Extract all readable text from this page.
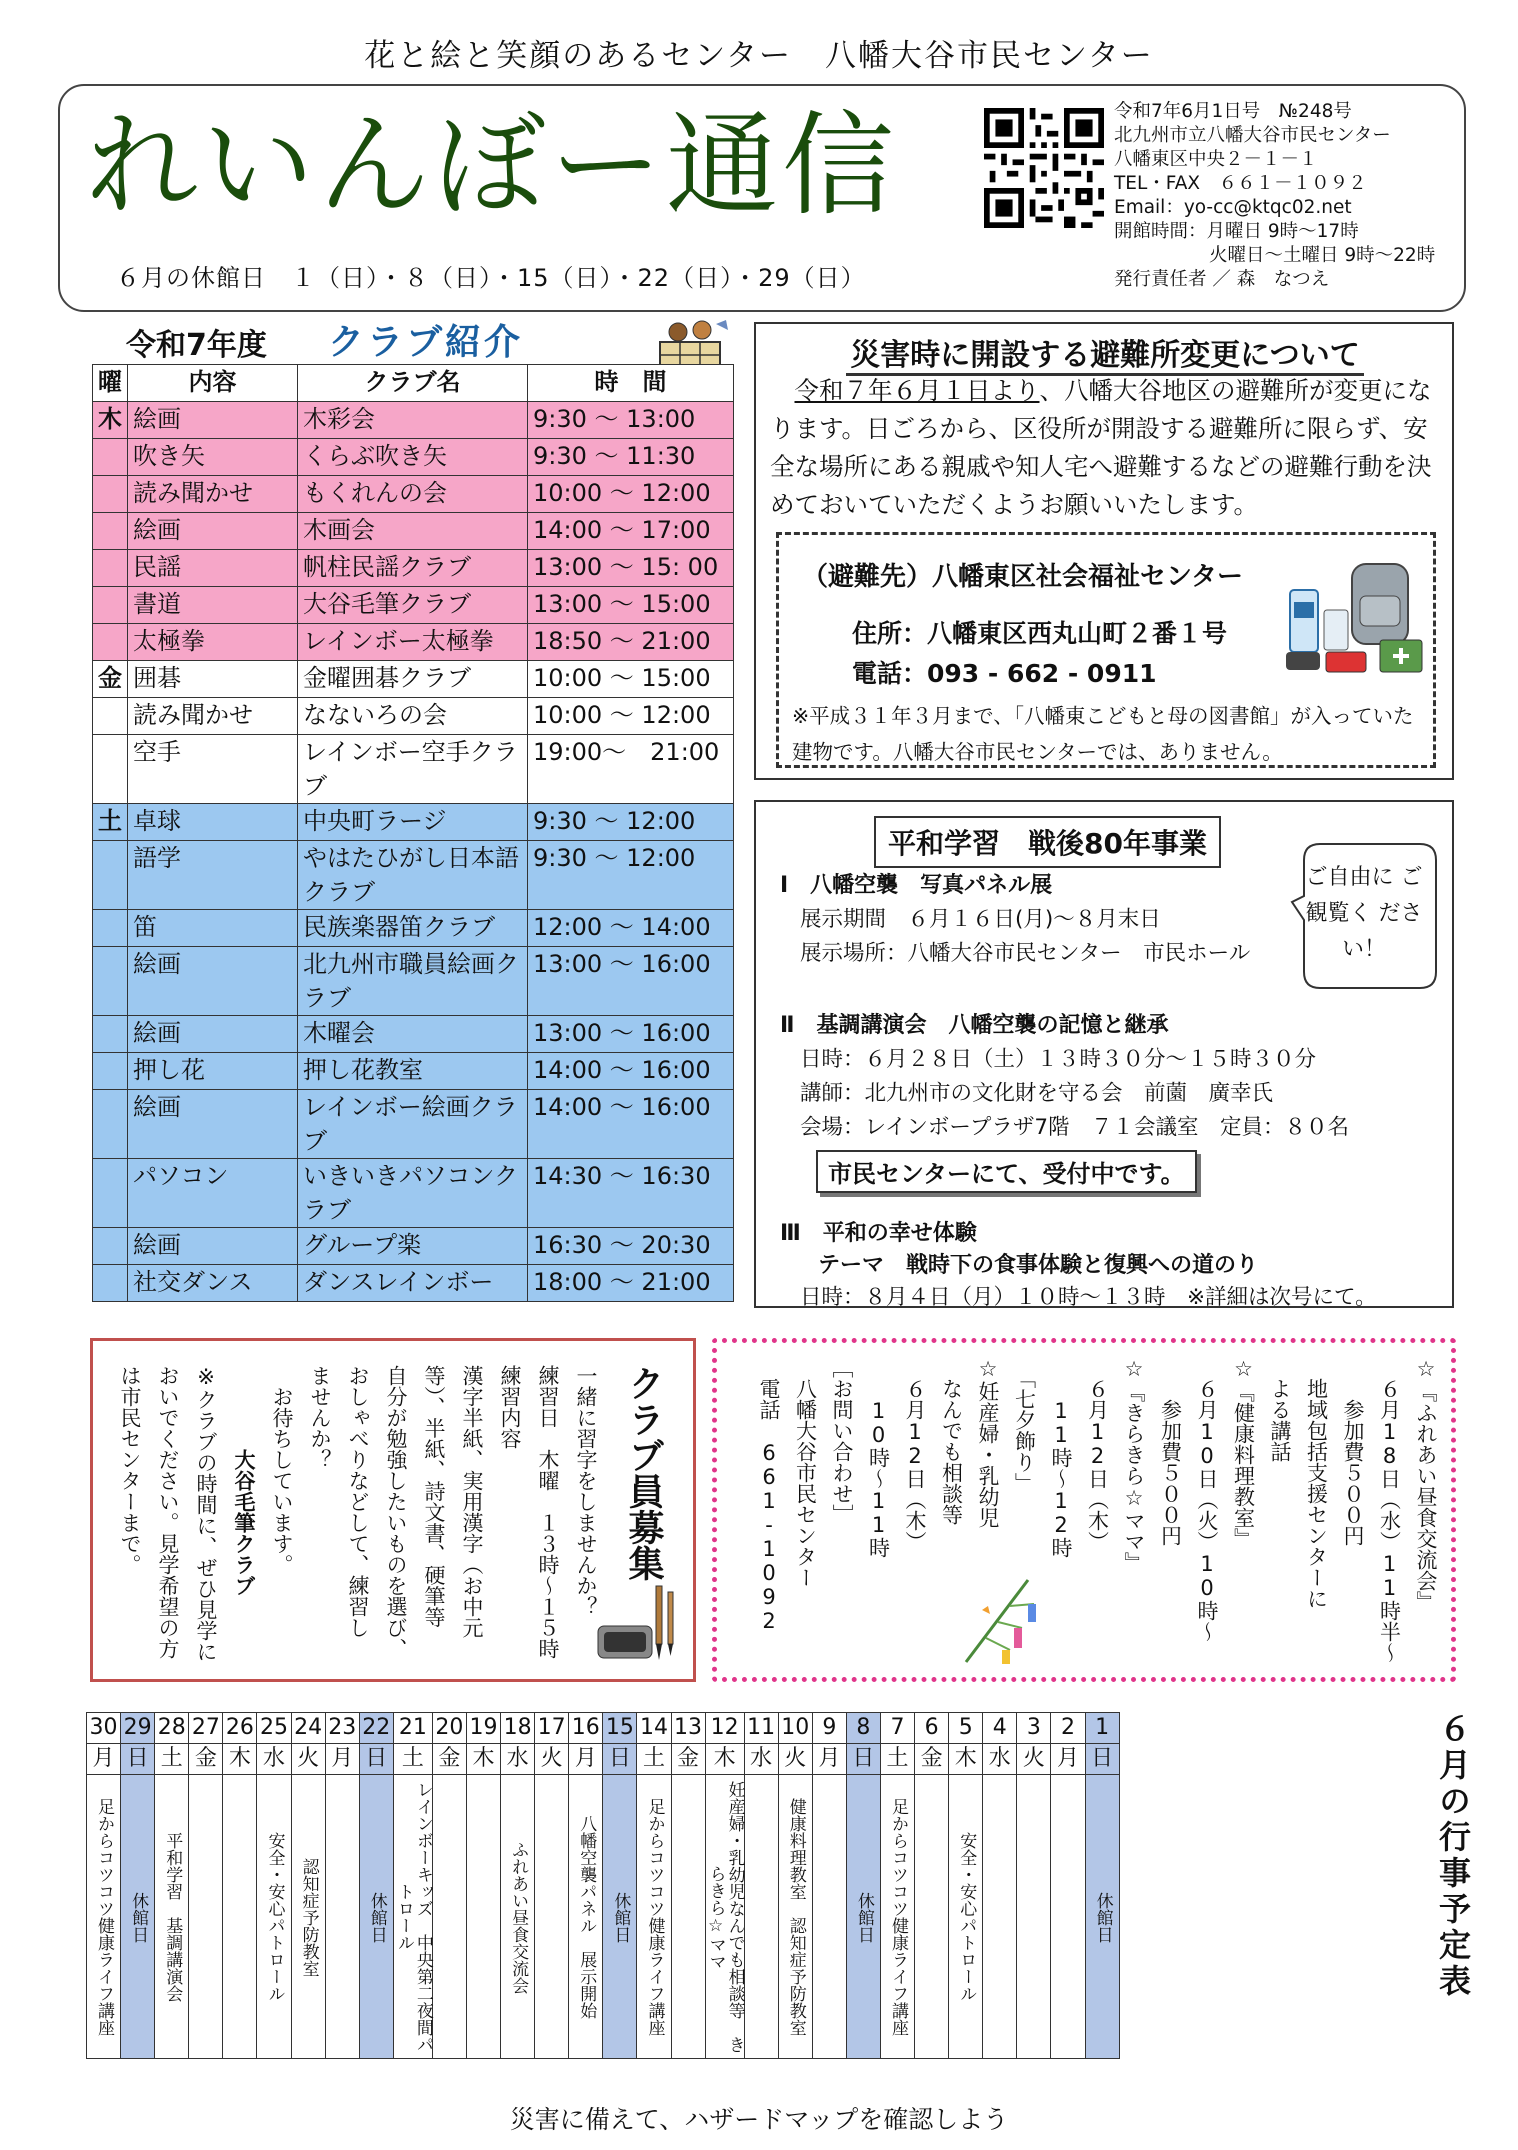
花と絵と笑顔のあるセンター　八幡大谷市民センター
れいんぼー通信	令和7年6月1日号　№248号
北九州市立八幡大谷市民センター
八幡東区中央２－１－１
TEL・FAX　６６１－１０９２
Email：yo-cc@ktqc02.net
開館時間：月曜日 9時～17時
火曜日～土曜日 9時～22時
発行責任者 ／ 森　なつえ
６月の休館日　１（日）・８（日）・15（日）・22（日）・29（日）
令和7年度 クラブ紹介
曜	内容	クラブ名	時　間
木	絵画	木彩会	9:30 ～ 13:00
	吹き矢	くらぶ吹き矢	9:30 ～ 11:30
	読み聞かせ	もくれんの会	10:00 ～ 12:00
	絵画	木画会	14:00 ～ 17:00
	民謡	帆柱民謡クラブ	13:00 ～ 15: 00
	書道	大谷毛筆クラブ	13:00 ～ 15:00
	太極拳	レインボー太極拳	18:50 ～ 21:00
金	囲碁	金曜囲碁クラブ	10:00 ～ 15:00
	読み聞かせ	なないろの会	10:00 ～ 12:00
	空手	レインボー空手クラブ	19:00～　21:00
土	卓球	中央町ラージ	9:30 ～ 12:00
	語学	やはたひがし日本語クラブ	9:30 ～ 12:00
	笛	民族楽器笛クラブ	12:00 ～ 14:00
	絵画	北九州市職員絵画クラブ	13:00 ～ 16:00
	絵画	木曜会	13:00 ～ 16:00
	押し花	押し花教室	14:00 ～ 16:00
	絵画	レインボー絵画クラブ	14:00 ～ 16:00
	パソコン	いきいきパソコンクラブ	14:30 ～ 16:30
	絵画	グループ楽	16:30 ～ 20:30
	社交ダンス	ダンスレインボー	18:00 ～ 21:00
災害時に開設する避難所変更について
令和７年６月１日より、八幡大谷地区の避難所が変更になります。日ごろから、区役所が開設する避難所に限らず、安全な場所にある親戚や知人宅へ避難するなどの避難行動を決めておいていただくようお願いいたします。
（避難先）八幡東区社会福祉センター
住所：八幡東区西丸山町２番１号
電話：093 - 662 - 0911
※平成３１年３月まで、「八幡東こどもと母の図書館」が入っていた建物です。八幡大谷市民センターでは、ありません。
平和学習　戦後80年事業
ご自由に ご観覧く ださい！
Ⅰ　八幡空襲　写真パネル展
展示期間　６月１６日(月)～８月末日
展示場所：八幡大谷市民センター　市民ホール
Ⅱ　基調講演会　八幡空襲の記憶と継承
日時：６月２８日（土）１３時３０分～１５時３０分
講師：北九州市の文化財を守る会　前薗　廣幸氏
会場：レインボープラザ7階　７１会議室　定員：８０名
市民センターにて、受付中です。
Ⅲ　平和の幸せ体験
テーマ　戦時下の食事体験と復興への道のり
日時：８月４日（月）１０時～１３時　※詳細は次号にて。
クラブ員募集
一緒に習字をしませんか？
練習日　木曜　１３時～１５時
練習内容
漢字半紙、実用漢字（お中元
等）、半紙、詩文書、硬筆等
自分が勉強したいものを選び、
おしゃべりなどして、練習し
ませんか？
　お待ちしています。
　　　　大谷毛筆クラブ
※クラブの時間に、ぜひ見学に
おいでください。見学希望の方
は市民センターまで。	☆『ふれあい昼食交流会』
　６月18日（水）11時半～
　　参加費５００円
　地域包括支援センターに
　よる講話
☆『健康料理教室』
　６月10日（火）10時～
　　参加費５００円
☆『きらきら☆ママ』
　６月12日（木）
　　11時～12時
　「七夕飾り」
☆妊産婦・乳幼児
　なんでも相談等
　６月12日（木）
　　10時～11時
［お問い合わせ］
　八幡大谷市民センター
　電話　661-1092
30	29	28	27	26	25	24	23	22	21	20	19	18	17	16	15	14	13	12	11	10	9	8	7	6	5	4	3	2	1
月	日	土	金	木	水	火	月	日	土	金	木	水	火	月	日	土	金	木	水	火	月	日	土	金	木	水	火	月	日

足からコツコツ健康ライフ講座	休館日	平和学習　基調講演会			安全・安心パトロール	認知症予防教室		休館日	レインボーキッズ　中央第二夜間パトロール			ふれあい昼食交流会		八幡空襲パネル　展示開始	休館日	足からコツコツ健康ライフ講座		妊産婦・乳幼児なんでも相談等　きらきら☆ママ		健康料理教室　認知症予防教室		休館日	足からコツコツ健康ライフ講座		安全・安心パトロール				休館日	６月の行事予定表
災害に備えて、ハザードマップを確認しよう
